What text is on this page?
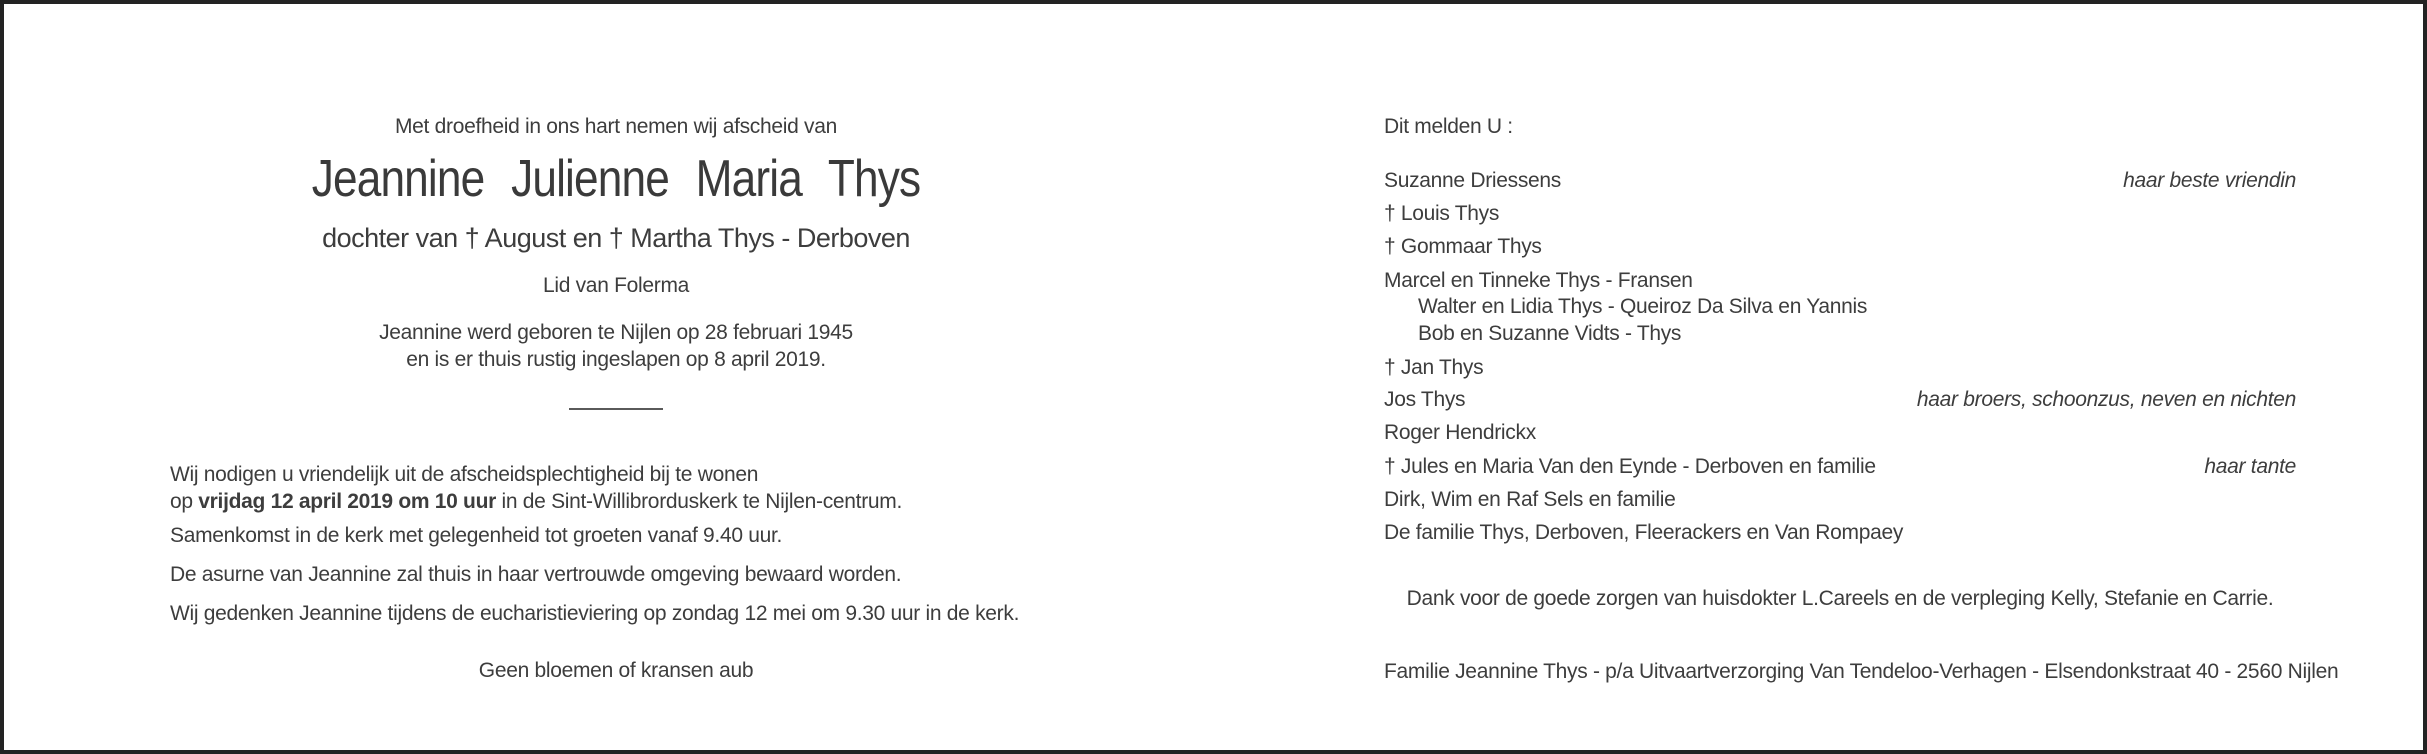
Met droefheid in ons hart nemen wij afscheid van
Jeannine Julienne Maria Thys
dochter van † August en † Martha Thys - Derboven
Lid van Folerma
Jeannine werd geboren te Nijlen op 28 februari 1945
en is er thuis rustig ingeslapen op 8 april 2019.
Wij nodigen u vriendelijk uit de afscheidsplechtigheid bij te wonen
op vrijdag 12 april 2019 om 10 uur in de Sint-Willibrorduskerk te Nijlen-centrum.
Samenkomst in de kerk met gelegenheid tot groeten vanaf 9.40 uur.
De asurne van Jeannine zal thuis in haar vertrouwde omgeving bewaard worden.
Wij gedenken Jeannine tijdens de eucharistieviering op zondag 12 mei om 9.30 uur in de kerk.
Geen bloemen of kransen aub
Dit melden U :
Suzanne Driessens	haar beste vriendin
† Louis Thys
† Gommaar Thys
Marcel en Tinneke Thys - Fransen
Walter en Lidia Thys - Queiroz Da Silva en Yannis
Bob en Suzanne Vidts - Thys
† Jan Thys
Jos Thys	haar broers, schoonzus, neven en nichten
Roger Hendrickx
† Jules en Maria Van den Eynde - Derboven en familie	haar tante
Dirk, Wim en Raf Sels en familie
De familie Thys, Derboven, Fleerackers en Van Rompaey
Dank voor de goede zorgen van huisdokter L.Careels en de verpleging Kelly, Stefanie en Carrie.
Familie Jeannine Thys - p/a Uitvaartverzorging Van Tendeloo-Verhagen - Elsendonkstraat 40 - 2560 Nijlen
